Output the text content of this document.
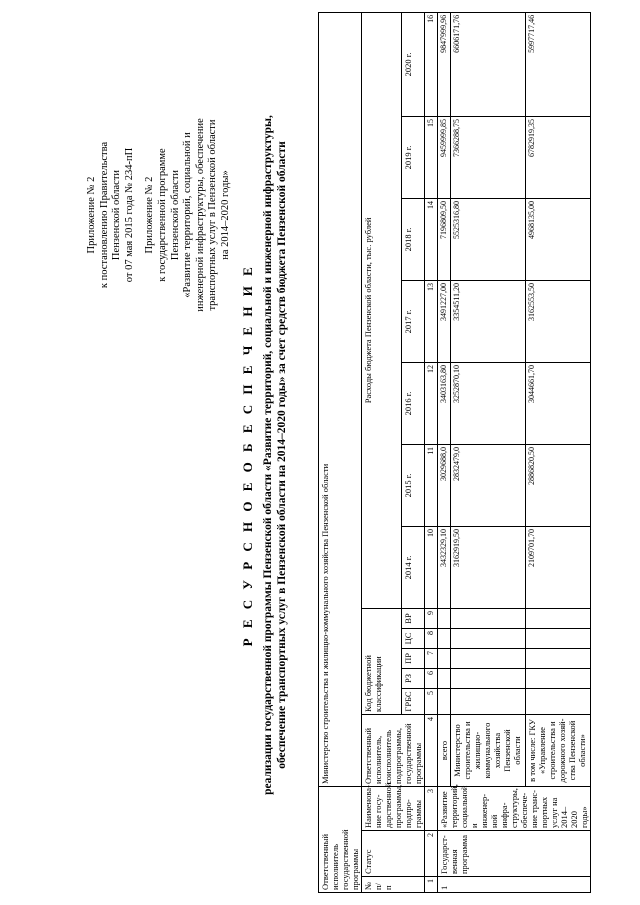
Приложение № 2 к постановлению Правительства Пензенской области от 07 мая 2015 года № 234-пП Приложение № 2 к государственной программе Пензенской области «Развитие территорий, социальной и инженерной инфраструктуры, обеспечение транспортных услуг в Пензенской области на 2014–2020 годы»
Р Е С У Р С Н О Е О Б Е С П Е Ч Е Н И Е реализации государственной программы Пензенской области «Развитие территорий, социальной и инженерной инфраструктуры, обеспечение транспортных услуг в Пензенской области на 2014–2020 годы» за счет средств бюджета Пензенской области
Ответственный исполнитель государственной программы			Министерство строительства и жилищно-коммунального хозяйства Пензенской области												
№ п/п	Статус	Наименова-ние госу-дарственной программы, подпро-граммы	Ответственный исполнитель, соисполнитель подпрограммы, государственной программы	Код бюджетной классификации					Расходы бюджета Пензенской области, тыс. рублей						
				ГРБС	РЗ	ПР	ЦС	ВР	2014 г.	2015 г.	2016 г.	2017 г.	2018 г.	2019 г.	2020 г.
1	2	3	4	5	6	7	8	9	10	11	12	13	14	15	16
1	Государст-венная программа	«Развитие территорий, социальной и инженер-ной инфра-структуры, обеспече-ние транс-портных услуг на 2014– 2020 годы»	всего						3432329,10	3029688,0	3403163,80	3491227,00	7196809,50	9459999,85	9847999,96
			Министерство строительства и жилищно-коммунального хозяйства Пензенской области						3162919,50	2832479,0	3252870,10	3354511,20	5525316,80	7366288,75	6606171,76
			в том числе: ГКУ «Управление строительства и дорожного хозяй-ства Пензенской области»						2109701,70	2886820,50	3044661,70	3162553,50	4968135,00	6782919,35	5997717,46
